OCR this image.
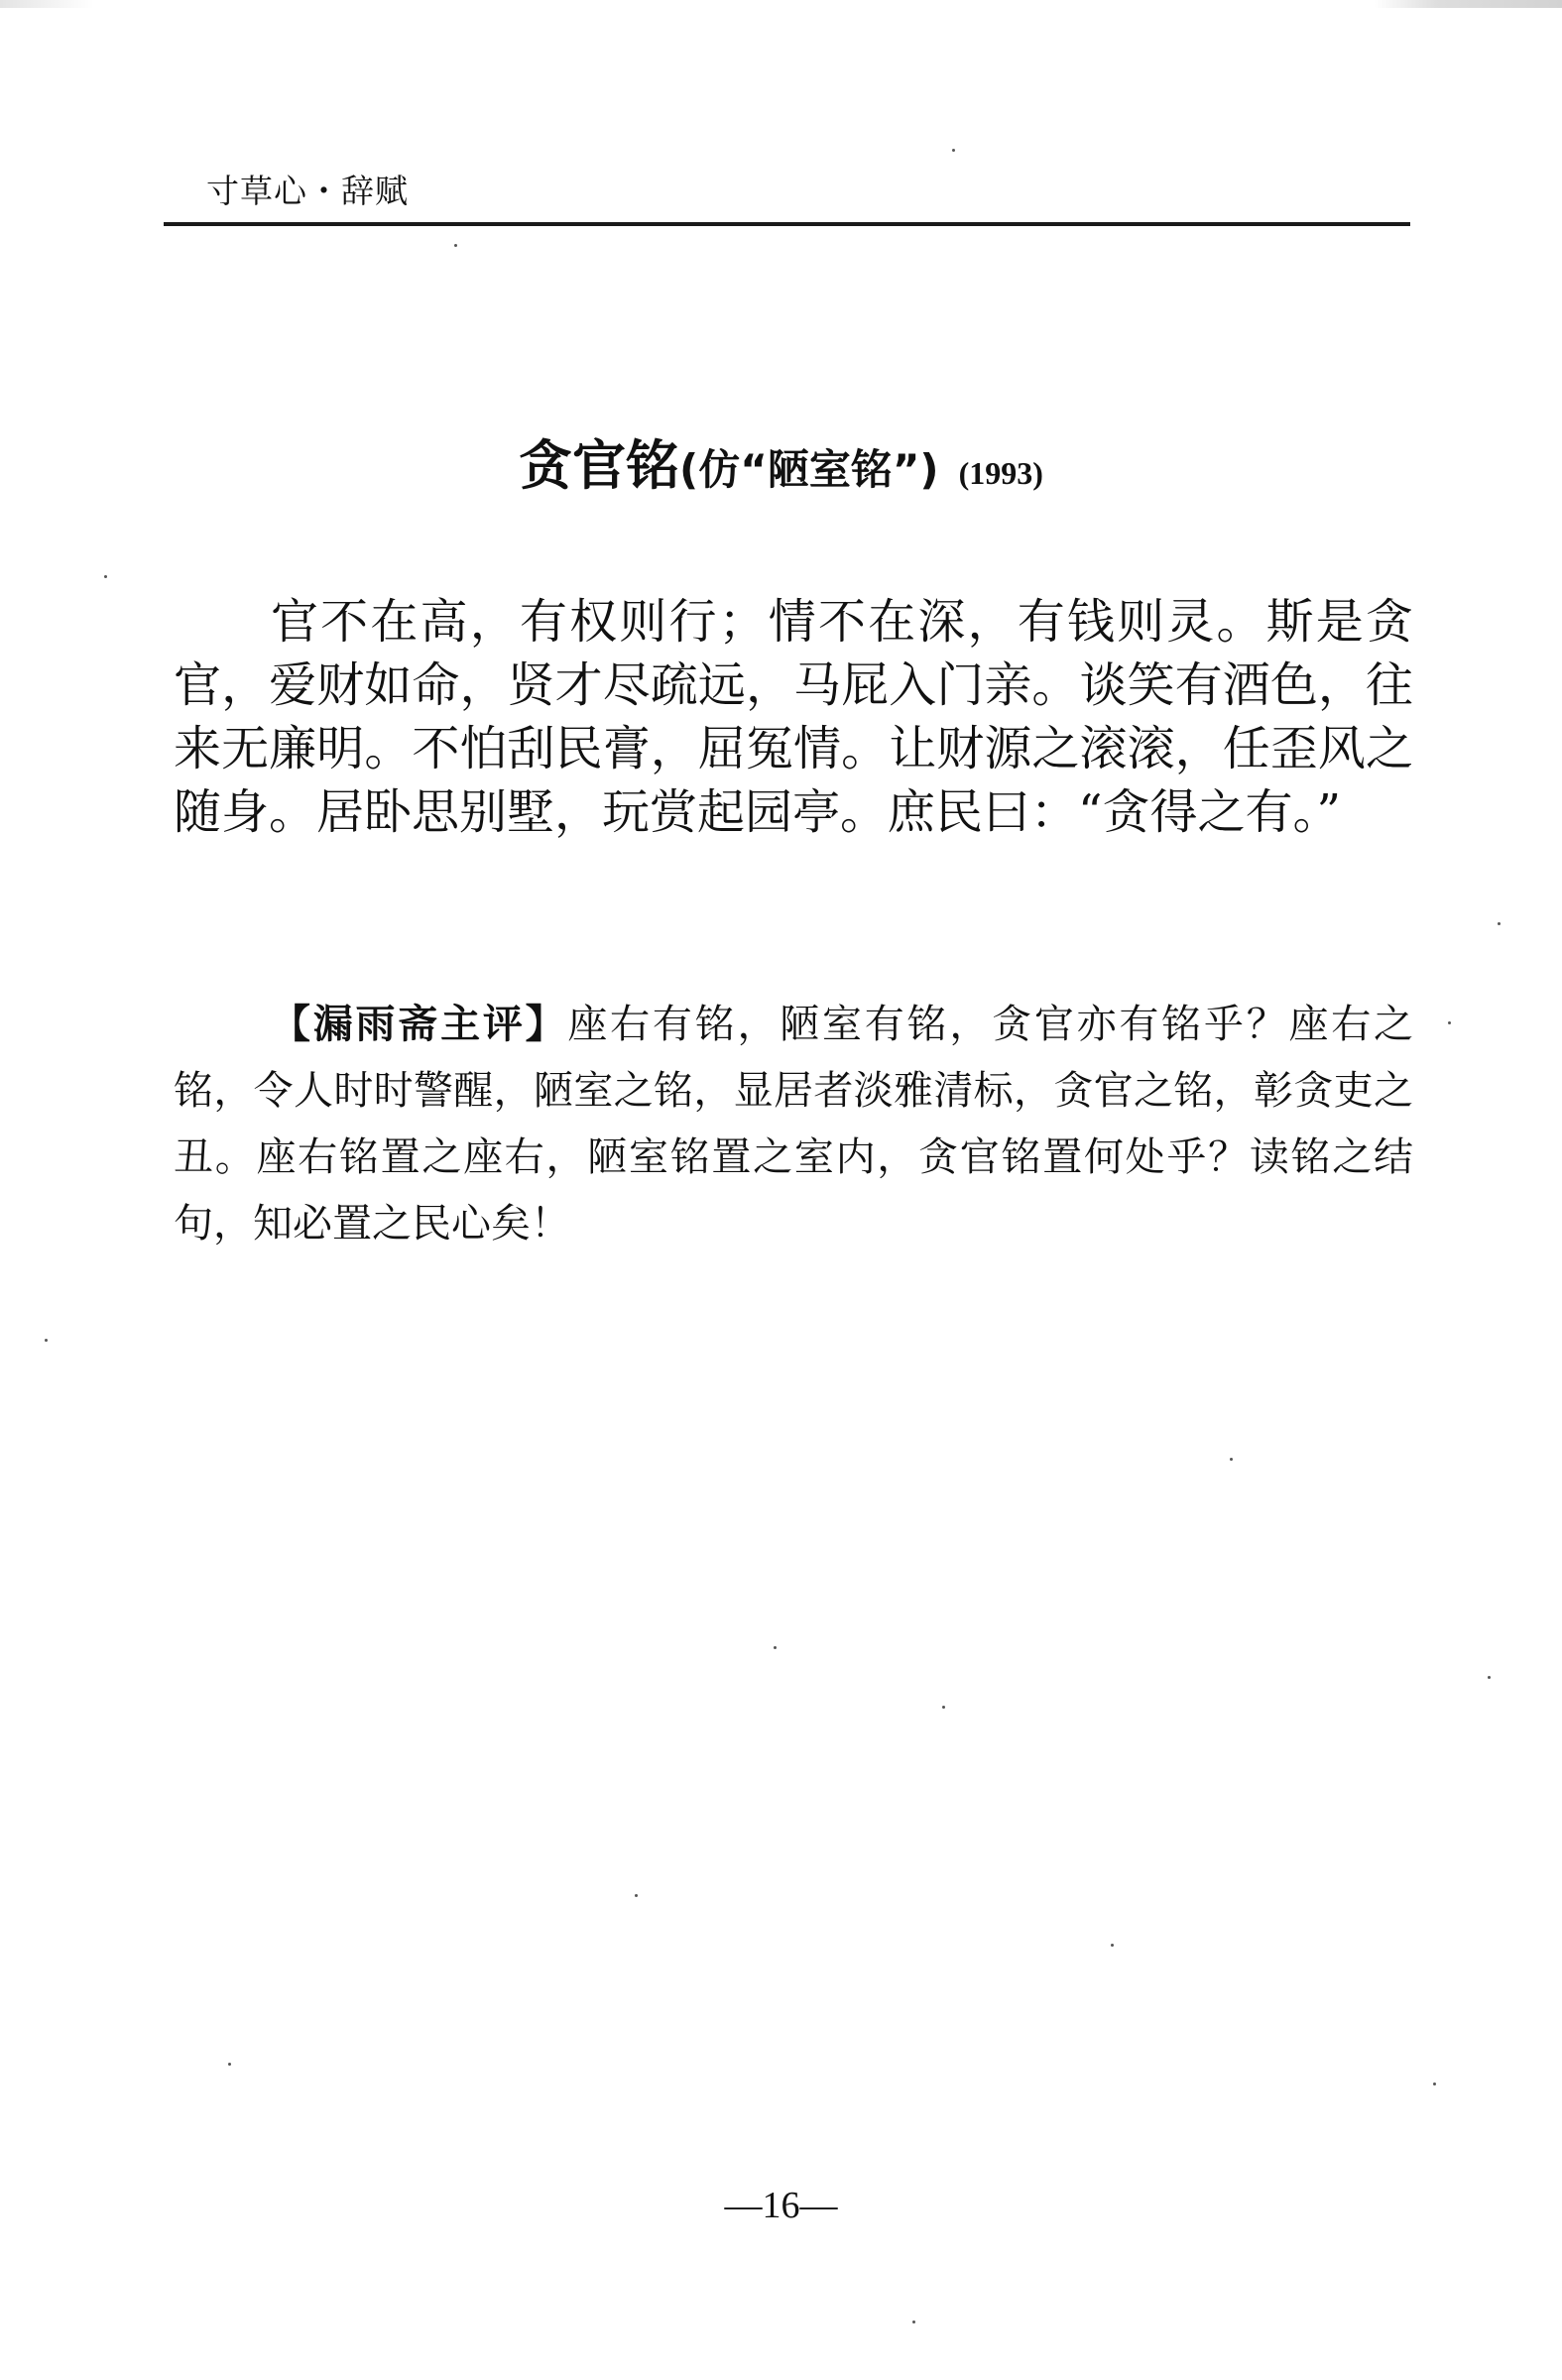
寸草心・辞赋
贪官铭(仿“陋室铭”) (1993)

官不在高，有权则行；情不在深，有钱则灵。斯是贪官，爱财如命，贤才尽疏远，马屁入门亲。谈笑有酒色，往来无廉明。不怕刮民膏，屈冤情。让财源之滚滚，任歪风之随身。居卧思别墅，玩赏起园亭。庶民曰：“贪得之有。”

【漏雨斋主评】座右有铭，陋室有铭，贪官亦有铭乎？座右之铭，令人时时警醒，陋室之铭，显居者淡雅清标，贪官之铭，彰贪吏之丑。座右铭置之座右，陋室铭置之室内，贪官铭置何处乎？读铭之结句，知必置之民心矣！

—16—
